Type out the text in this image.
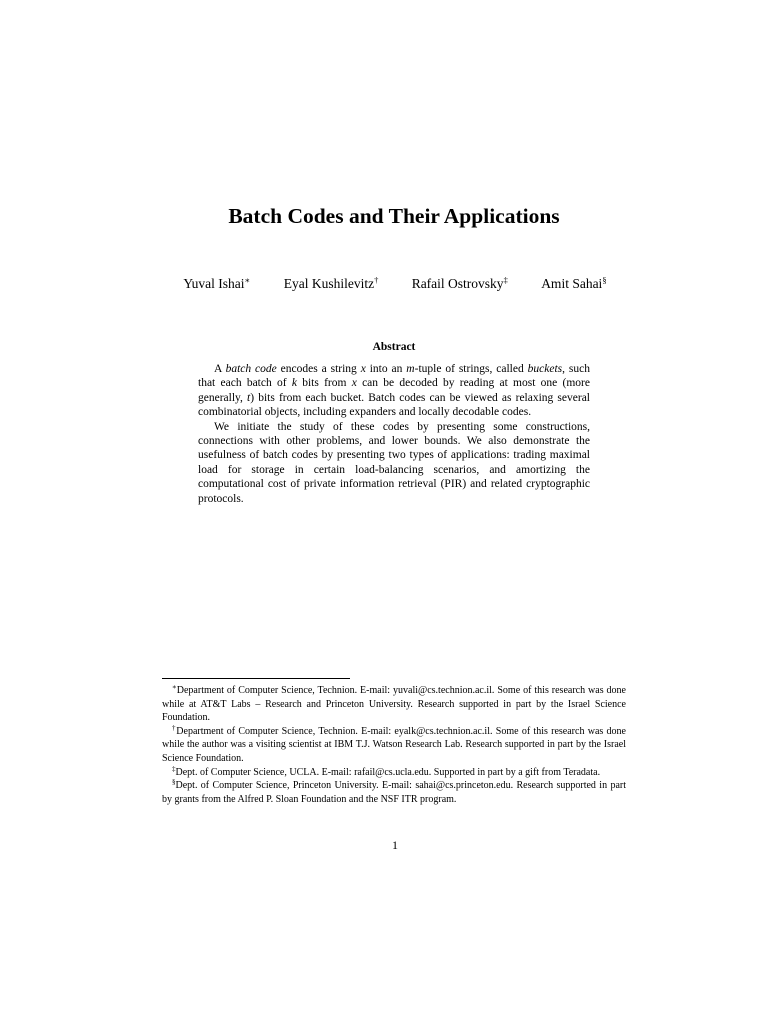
Batch Codes and Their Applications
Yuval Ishai∗ Eyal Kushilevitz† Rafail Ostrovsky‡ Amit Sahai§
Abstract

A batch code encodes a string x into an m-tuple of strings, called buckets, such that each batch of k bits from x can be decoded by reading at most one (more generally, t) bits from each bucket. Batch codes can be viewed as relaxing several combinatorial objects, including expanders and locally decodable codes.

We initiate the study of these codes by presenting some constructions, connections with other problems, and lower bounds. We also demonstrate the usefulness of batch codes by presenting two types of applications: trading maximal load for storage in certain load-balancing scenarios, and amortizing the computational cost of private information retrieval (PIR) and related cryptographic protocols.

∗Department of Computer Science, Technion. E-mail: yuvali@cs.technion.ac.il. Some of this research was done while at AT&T Labs – Research and Princeton University. Research supported in part by the Israel Science Foundation.

†Department of Computer Science, Technion. E-mail: eyalk@cs.technion.ac.il. Some of this research was done while the author was a visiting scientist at IBM T.J. Watson Research Lab. Research supported in part by the Israel Science Foundation.

‡Dept. of Computer Science, UCLA. E-mail: rafail@cs.ucla.edu. Supported in part by a gift from Teradata.

§Dept. of Computer Science, Princeton University. E-mail: sahai@cs.princeton.edu. Research supported in part by grants from the Alfred P. Sloan Foundation and the NSF ITR program.

1
